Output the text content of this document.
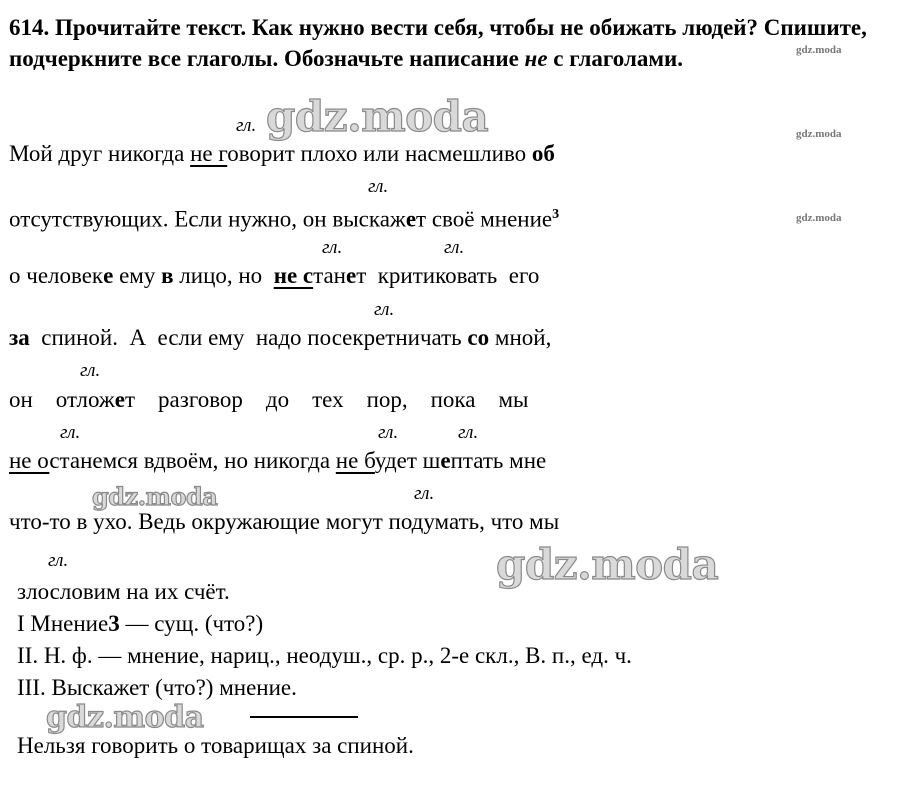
614. Прочитайте текст. Как нужно вести себя, чтобы не обижать людей? Спишите, подчеркните все глаголы. Обозначьте написание не с глаголами.	gdz.moda
gdz.moda
gdz.moda
gdz.moda
gdz.moda
gdz.moda
gdz.moda
гл.
гл.
гл.	гл.
гл.
гл.
гл.	гл.	гл.
гл.
гл.
Мой друг никогда не говорит плохо или насмешливо об
отсутствующих. Если нужно, он выскажет своё мнение$^3$
о человеке ему в лицо, но  не станет  критиковать  его
за  спиной.  А  если ему  надо посекретничать со мной,
он    отложет    разговор    до    тех    пор,    пока    мы
не останемся вдвоём, но никогда не будет шептать мне
что-то в ухо. Ведь окружающие могут подумать, что мы
злословим на их счёт.
I Мнение3 — сущ. (что?)
II. Н. ф. — мнение, нариц., неодуш., ср. р., 2-е скл., В. п., ед. ч.
III. Выскажет (что?) мнение.
Нельзя говорить о товарищах за спиной.
